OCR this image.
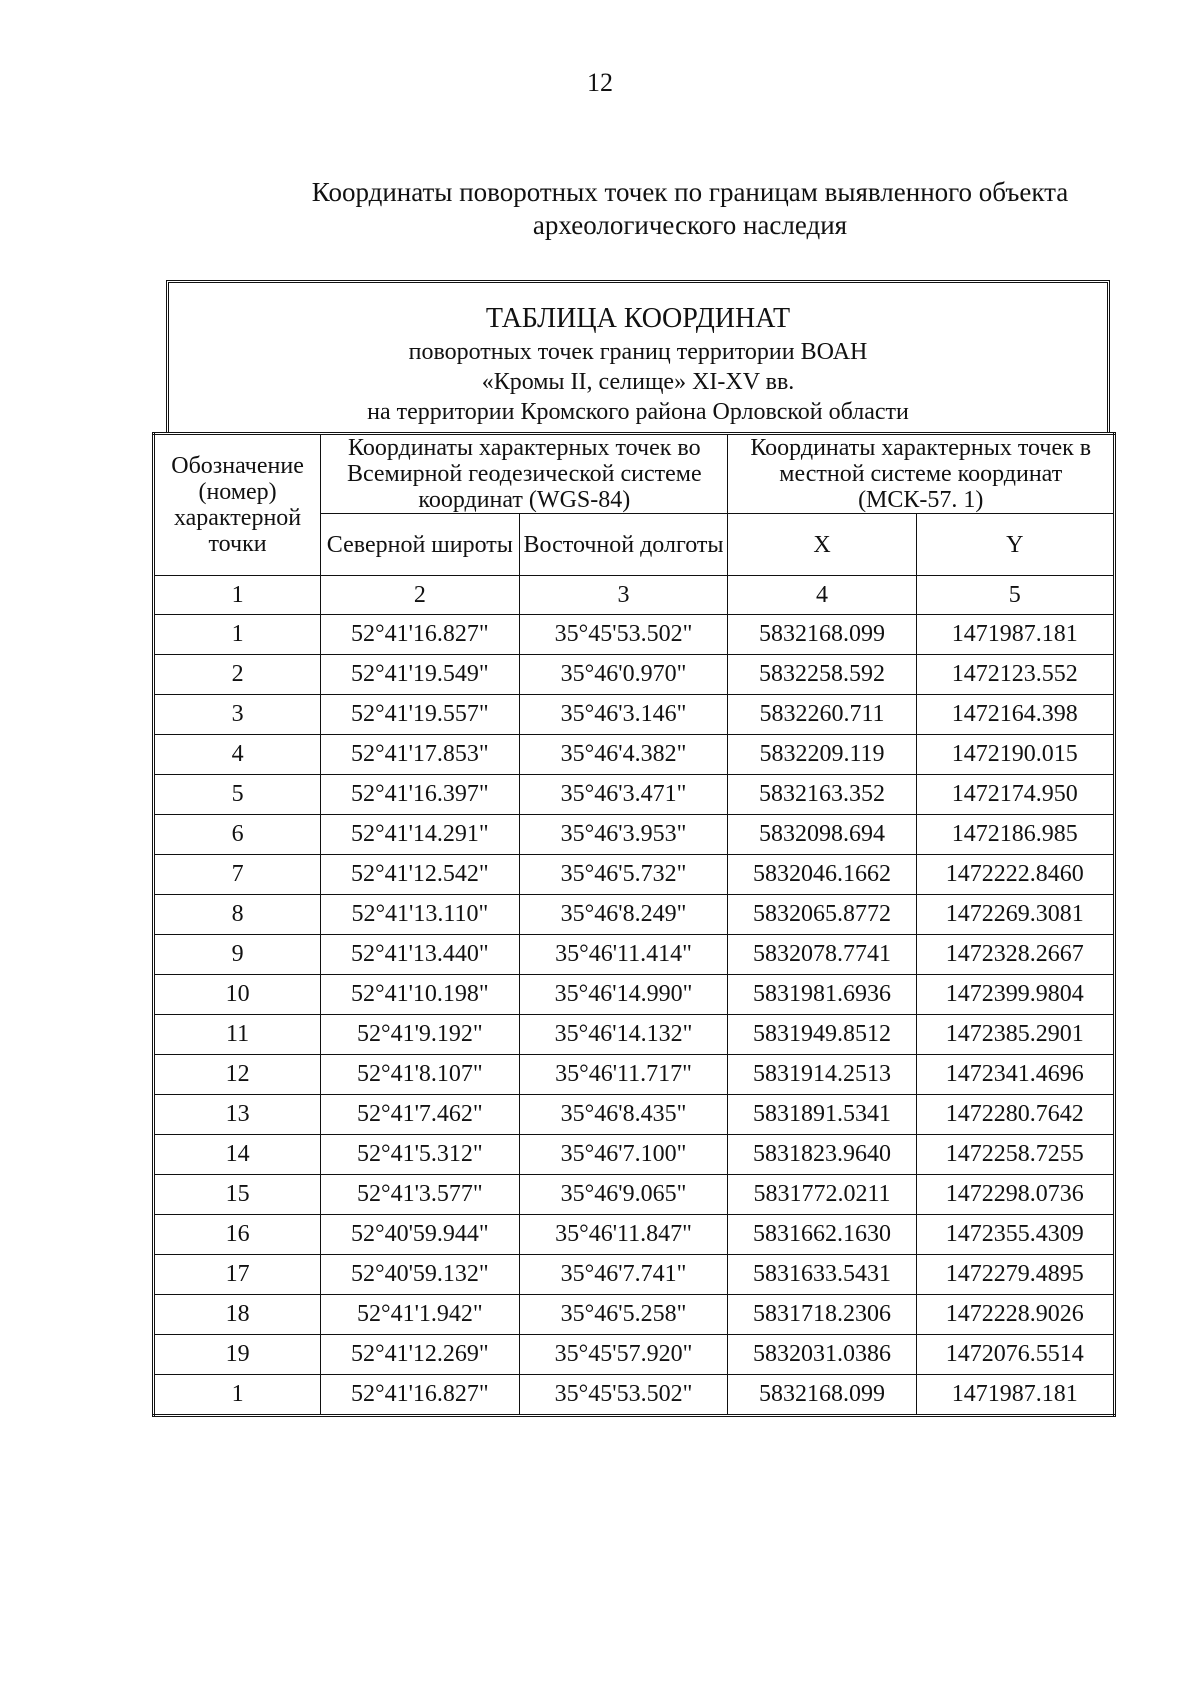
12
Координаты поворотных точек по границам выявленного объекта
археологического наследия
ТАБЛИЦА КООРДИНАТ
поворотных точек границ территории ВОАН
«Кромы II, селище» XI-XV вв.
на территории Кромского района Орловской области
Обозначение (номер) характерной точки	Координаты характерных точек во Всемирной геодезической системе координат (WGS-84)		Координаты характерных точек в местной системе координат (МСК-57. 1)	
	Северной широты	Восточной долготы	X	Y
1	2	3	4	5
1	52°41'16.827"	35°45'53.502"	5832168.099	1471987.181
2	52°41'19.549"	35°46'0.970"	5832258.592	1472123.552
3	52°41'19.557"	35°46'3.146"	5832260.711	1472164.398
4	52°41'17.853"	35°46'4.382"	5832209.119	1472190.015
5	52°41'16.397"	35°46'3.471"	5832163.352	1472174.950
6	52°41'14.291"	35°46'3.953"	5832098.694	1472186.985
7	52°41'12.542"	35°46'5.732"	5832046.1662	1472222.8460
8	52°41'13.110"	35°46'8.249"	5832065.8772	1472269.3081
9	52°41'13.440"	35°46'11.414"	5832078.7741	1472328.2667
10	52°41'10.198"	35°46'14.990"	5831981.6936	1472399.9804
11	52°41'9.192"	35°46'14.132"	5831949.8512	1472385.2901
12	52°41'8.107"	35°46'11.717"	5831914.2513	1472341.4696
13	52°41'7.462"	35°46'8.435"	5831891.5341	1472280.7642
14	52°41'5.312"	35°46'7.100"	5831823.9640	1472258.7255
15	52°41'3.577"	35°46'9.065"	5831772.0211	1472298.0736
16	52°40'59.944"	35°46'11.847"	5831662.1630	1472355.4309
17	52°40'59.132"	35°46'7.741"	5831633.5431	1472279.4895
18	52°41'1.942"	35°46'5.258"	5831718.2306	1472228.9026
19	52°41'12.269"	35°45'57.920"	5832031.0386	1472076.5514
1	52°41'16.827"	35°45'53.502"	5832168.099	1471987.181
